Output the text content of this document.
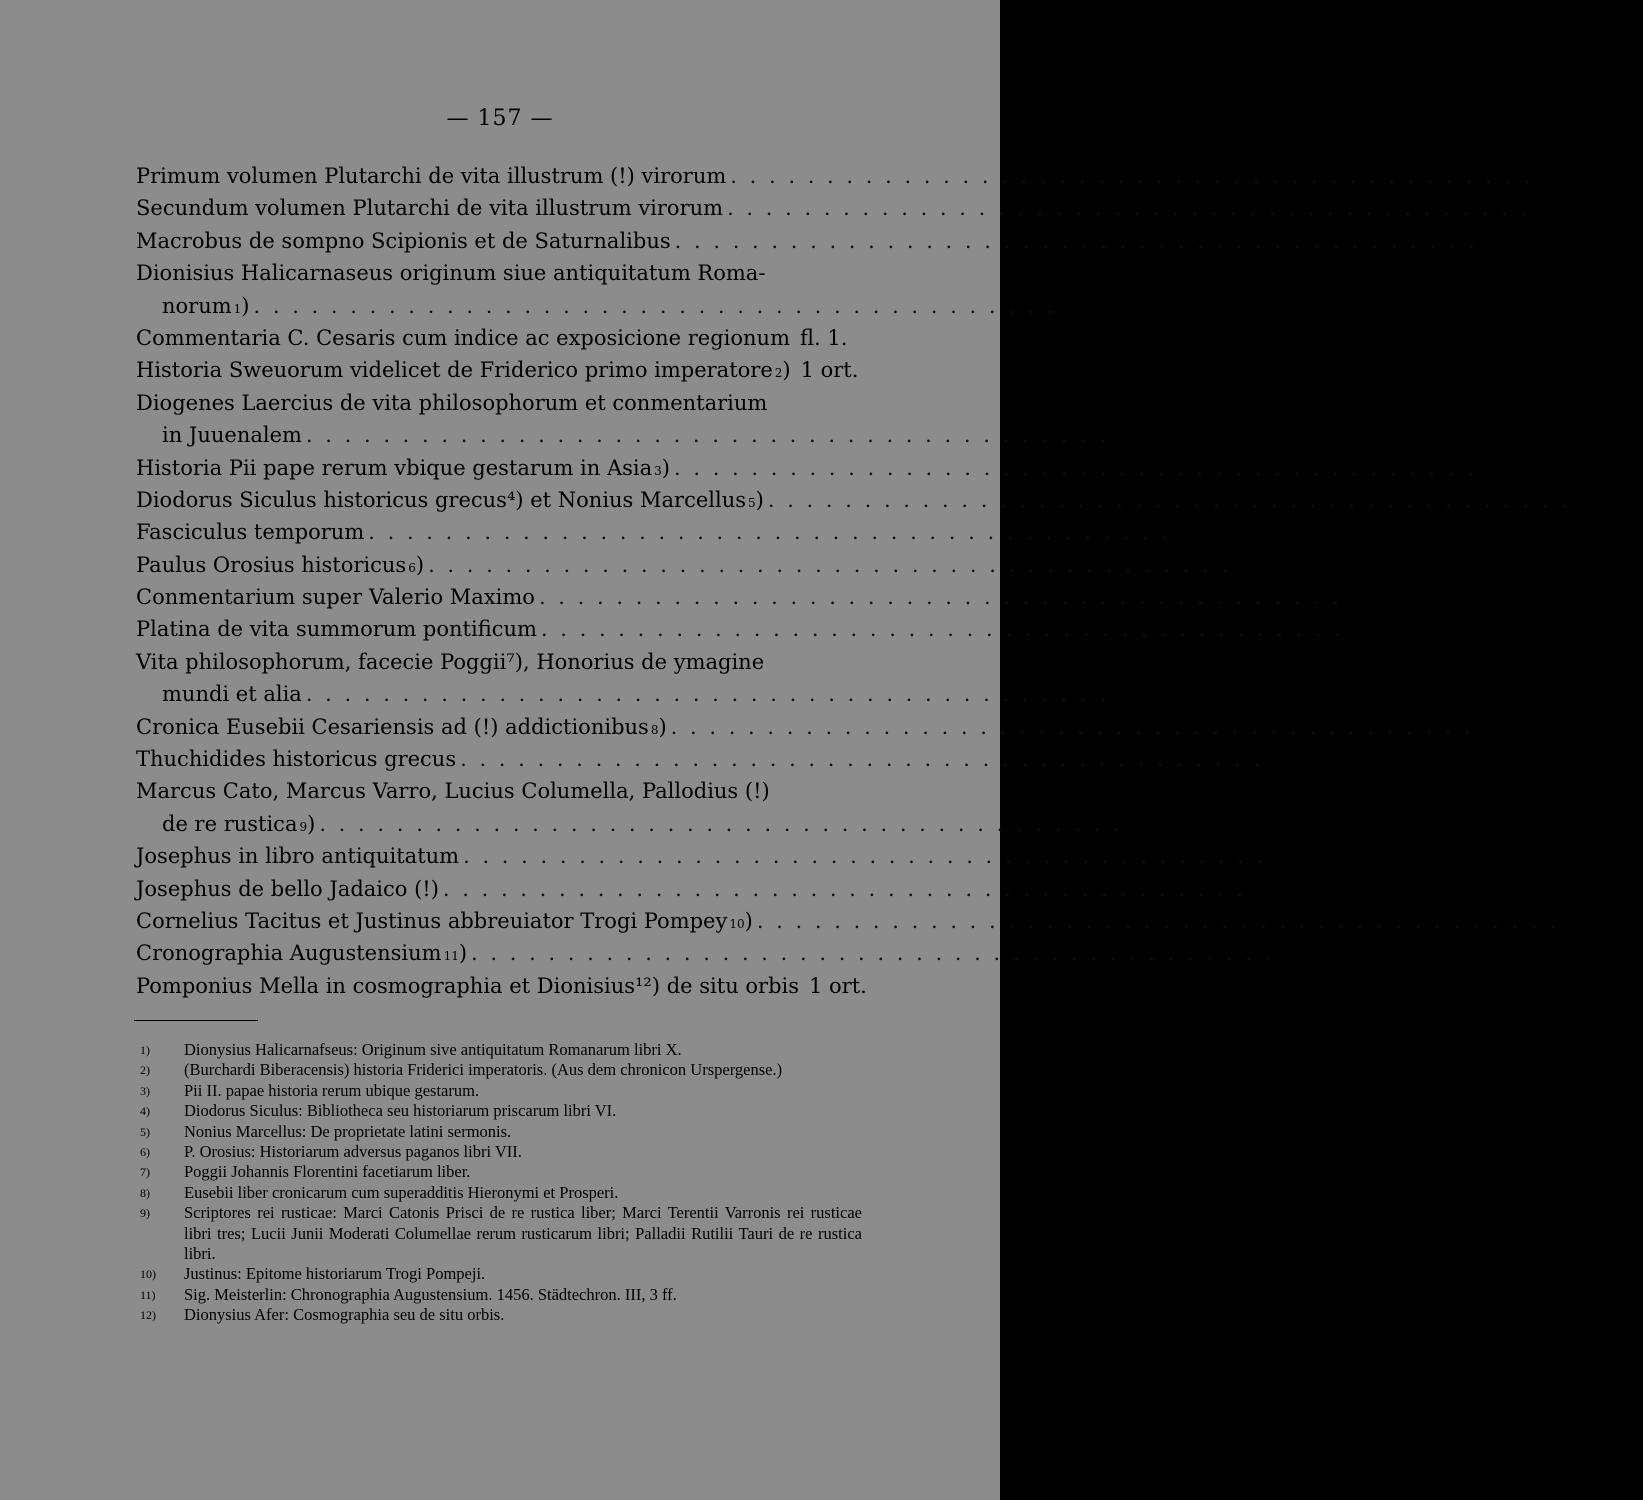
— 157 —
Primum volumen Plutarchi de vita illustrum (!) virorum . . . . . . . . . . . . . . . . . . . . . . . . . . . . . . . . . . . . . . . . . . fl. 2½.
Secundum volumen Plutarchi de vita illustrum virorum . . . . . . . . . . . . . . . . . . . . . . . . . . . . . . . . . . . . . . . . . . fl. 2½.
Macrobus de sompno Scipionis et de Saturnalibus . . . . . . . . . . . . . . . . . . . . . . . . . . . . . . . . . . . . . . . . . . fl. 1½.
Dionisius Halicarnaseus originum siue antiquitatum Roma-
norum 1 ) . . . . . . . . . . . . . . . . . . . . . . . . . . . . . . . . . . . . . . . . . . fl. 1½.
Commentaria C. Cesaris cum indice ac exposicione regionum fl. 1.
Historia Sweuorum videlicet de Friderico primo imperatore 2 ) 1 ort.
Diogenes Laercius de vita philosophorum et conmentarium
in Juuenalem . . . . . . . . . . . . . . . . . . . . . . . . . . . . . . . . . . . . . . . . . . fl. 1.
Historia Pii pape rerum vbique gestarum in Asia 3 ) . . . . . . . . . . . . . . . . . . . . . . . . . . . . . . . . . . . . . . . . . . fl. ½.
Diodorus Siculus historicus grecus⁴) et Nonius Marcellus 5 ) . . . . . . . . . . . . . . . . . . . . . . . . . . . . . . . . . . . . . . . . . . fl. 1.
Fasciculus temporum . . . . . . . . . . . . . . . . . . . . . . . . . . . . . . . . . . . . . . . . . . 1 ort.
Paulus Orosius historicus 6 ) . . . . . . . . . . . . . . . . . . . . . . . . . . . . . . . . . . . . . . . . . . fl. ½.
Conmentarium super Valerio Maximo . . . . . . . . . . . . . . . . . . . . . . . . . . . . . . . . . . . . . . . . . . fl. 1.
Platina de vita summorum pontificum . . . . . . . . . . . . . . . . . . . . . . . . . . . . . . . . . . . . . . . . . . fl. 1.
Vita philosophorum, facecie Poggii⁷), Honorius de ymagine
mundi et alia . . . . . . . . . . . . . . . . . . . . . . . . . . . . . . . . . . . . . . . . . . fl. 1.
Cronica Eusebii Cesariensis ad (!) addictionibus 8 ) . . . . . . . . . . . . . . . . . . . . . . . . . . . . . . . . . . . . . . . . . . fl. 1.
Thuchidides historicus grecus . . . . . . . . . . . . . . . . . . . . . . . . . . . . . . . . . . . . . . . . . . 3 ort.
Marcus Cato, Marcus Varro, Lucius Columella, Pallodius (!)
de re rustica 9 ) . . . . . . . . . . . . . . . . . . . . . . . . . . . . . . . . . . . . . . . . . . fl. 2.
Josephus in libro antiquitatum . . . . . . . . . . . . . . . . . . . . . . . . . . . . . . . . . . . . . . . . . . fl. 1.
Josephus de bello Jadaico (!) . . . . . . . . . . . . . . . . . . . . . . . . . . . . . . . . . . . . . . . . . . fl. ½.
Cornelius Tacitus et Justinus abbreuiator Trogi Pompey 10 ) . . . . . . . . . . . . . . . . . . . . . . . . . . . . . . . . . . . . . . . . . . fl. 1.
Cronographia Augustensium 11 ) . . . . . . . . . . . . . . . . . . . . . . . . . . . . . . . . . . . . . . . . . . fl. ½.
Pomponius Mella in cosmographia et Dionisius¹²) de situ orbis 1 ort.
1)	Dionysius Halicarnafseus: Originum sive antiquitatum Romanarum libri X.
2)	(Burchardi Biberacensis) historia Friderici imperatoris. (Aus dem chronicon Urspergense.)
3)	Pii II. papae historia rerum ubique gestarum.
4)	Diodorus Siculus: Bibliotheca seu historiarum priscarum libri VI.
5)	Nonius Marcellus: De proprietate latini sermonis.
6)	P. Orosius: Historiarum adversus paganos libri VII.
7)	Poggii Johannis Florentini facetiarum liber.
8)	Eusebii liber cronicarum cum superadditis Hieronymi et Prosperi.
9)	Scriptores rei rusticae: Marci Catonis Prisci de re rustica liber; Marci Terentii Varronis rei rusticae libri tres; Lucii Junii Moderati Columellae rerum rusticarum libri; Palladii Rutilii Tauri de re rustica libri.
10)	Justinus: Epitome historiarum Trogi Pompeji.
11)	Sig. Meisterlin: Chronographia Augustensium. 1456. Städtechron. III, 3 ff.
12)	Dionysius Afer: Cosmographia seu de situ orbis.
